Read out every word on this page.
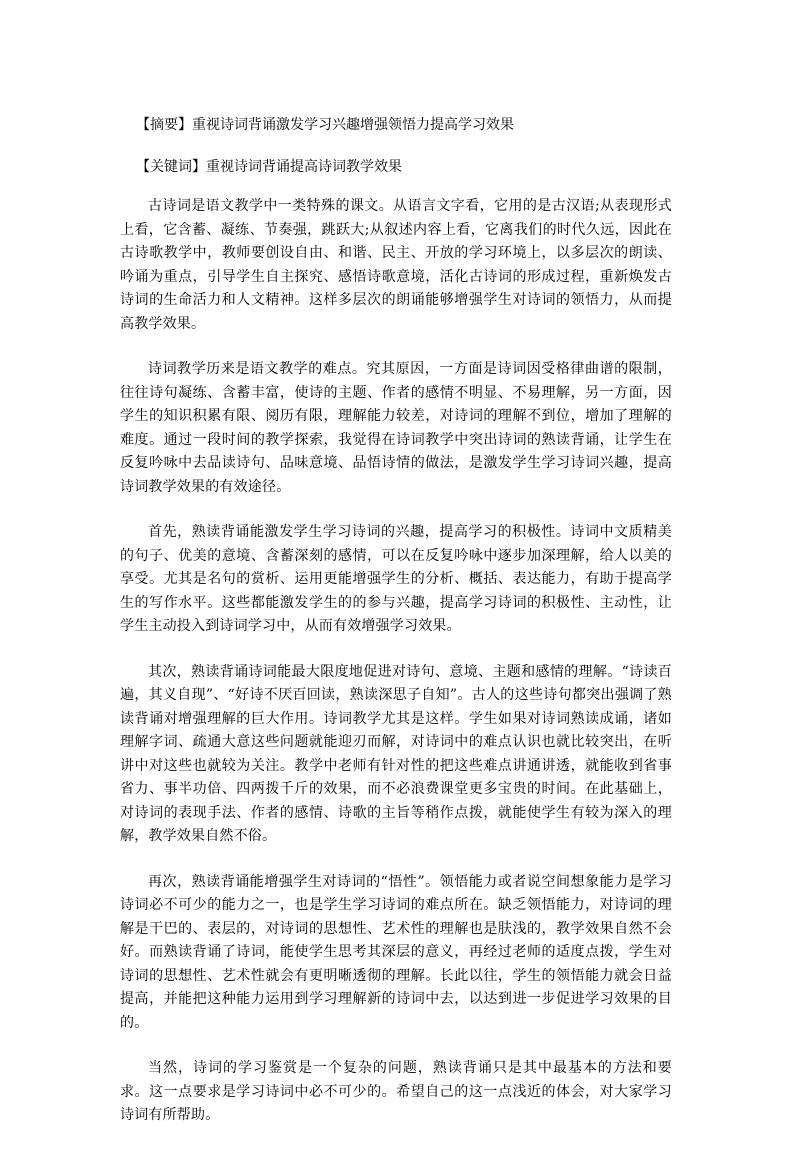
【摘要】重视诗词背诵激发学习兴趣增强领悟力提高学习效果
【关键词】重视诗词背诵提高诗词教学效果

古诗词是语文教学中一类特殊的课文。从语言文字看，它用的是古汉语;从表现形式上看，它含蓄、凝练、节奏强，跳跃大;从叙述内容上看，它离我们的时代久远，因此在古诗歌教学中，教师要创设自由、和谐、民主、开放的学习环境上，以多层次的朗读、吟诵为重点，引导学生自主探究、感悟诗歌意境，活化古诗词的形成过程，重新焕发古诗词的生命活力和人文精神。这样多层次的朗诵能够增强学生对诗词的领悟力，从而提高教学效果。

诗词教学历来是语文教学的难点。究其原因，一方面是诗词因受格律曲谱的限制，往往诗句凝练、含蓄丰富，使诗的主题、作者的感情不明显、不易理解，另一方面，因学生的知识积累有限、阅历有限，理解能力较差，对诗词的理解不到位，增加了理解的难度。通过一段时间的教学探索，我觉得在诗词教学中突出诗词的熟读背诵，让学生在反复吟咏中去品读诗句、品味意境、品悟诗情的做法，是激发学生学习诗词兴趣，提高诗词教学效果的有效途径。

首先，熟读背诵能激发学生学习诗词的兴趣，提高学习的积极性。诗词中文质精美的句子、优美的意境、含蓄深刻的感情，可以在反复吟咏中逐步加深理解，给人以美的享受。尤其是名句的赏析、运用更能增强学生的分析、概括、表达能力，有助于提高学生的写作水平。这些都能激发学生的的参与兴趣，提高学习诗词的积极性、主动性，让学生主动投入到诗词学习中，从而有效增强学习效果。

其次，熟读背诵诗词能最大限度地促进对诗句、意境、主题和感情的理解。“诗读百遍，其义自现”、“好诗不厌百回读，熟读深思子自知”。古人的这些诗句都突出强调了熟读背诵对增强理解的巨大作用。诗词教学尤其是这样。学生如果对诗词熟读成诵，诸如理解字词、疏通大意这些问题就能迎刃而解，对诗词中的难点认识也就比较突出，在听讲中对这些也就较为关注。教学中老师有针对性的把这些难点讲通讲透，就能收到省事省力、事半功倍、四两拨千斤的效果，而不必浪费课堂更多宝贵的时间。在此基础上，对诗词的表现手法、作者的感情、诗歌的主旨等稍作点拨，就能使学生有较为深入的理解，教学效果自然不俗。

再次，熟读背诵能增强学生对诗词的“悟性”。领悟能力或者说空间想象能力是学习诗词必不可少的能力之一，也是学生学习诗词的难点所在。缺乏领悟能力，对诗词的理解是干巴的、表层的，对诗词的思想性、艺术性的理解也是肤浅的，教学效果自然不会好。而熟读背诵了诗词，能使学生思考其深层的意义，再经过老师的适度点拨，学生对诗词的思想性、艺术性就会有更明晰透彻的理解。长此以往，学生的领悟能力就会日益提高，并能把这种能力运用到学习理解新的诗词中去，以达到进一步促进学习效果的目的。

当然，诗词的学习鉴赏是一个复杂的问题，熟读背诵只是其中最基本的方法和要求。这一点要求是学习诗词中必不可少的。希望自己的这一点浅近的体会，对大家学习诗词有所帮助。
